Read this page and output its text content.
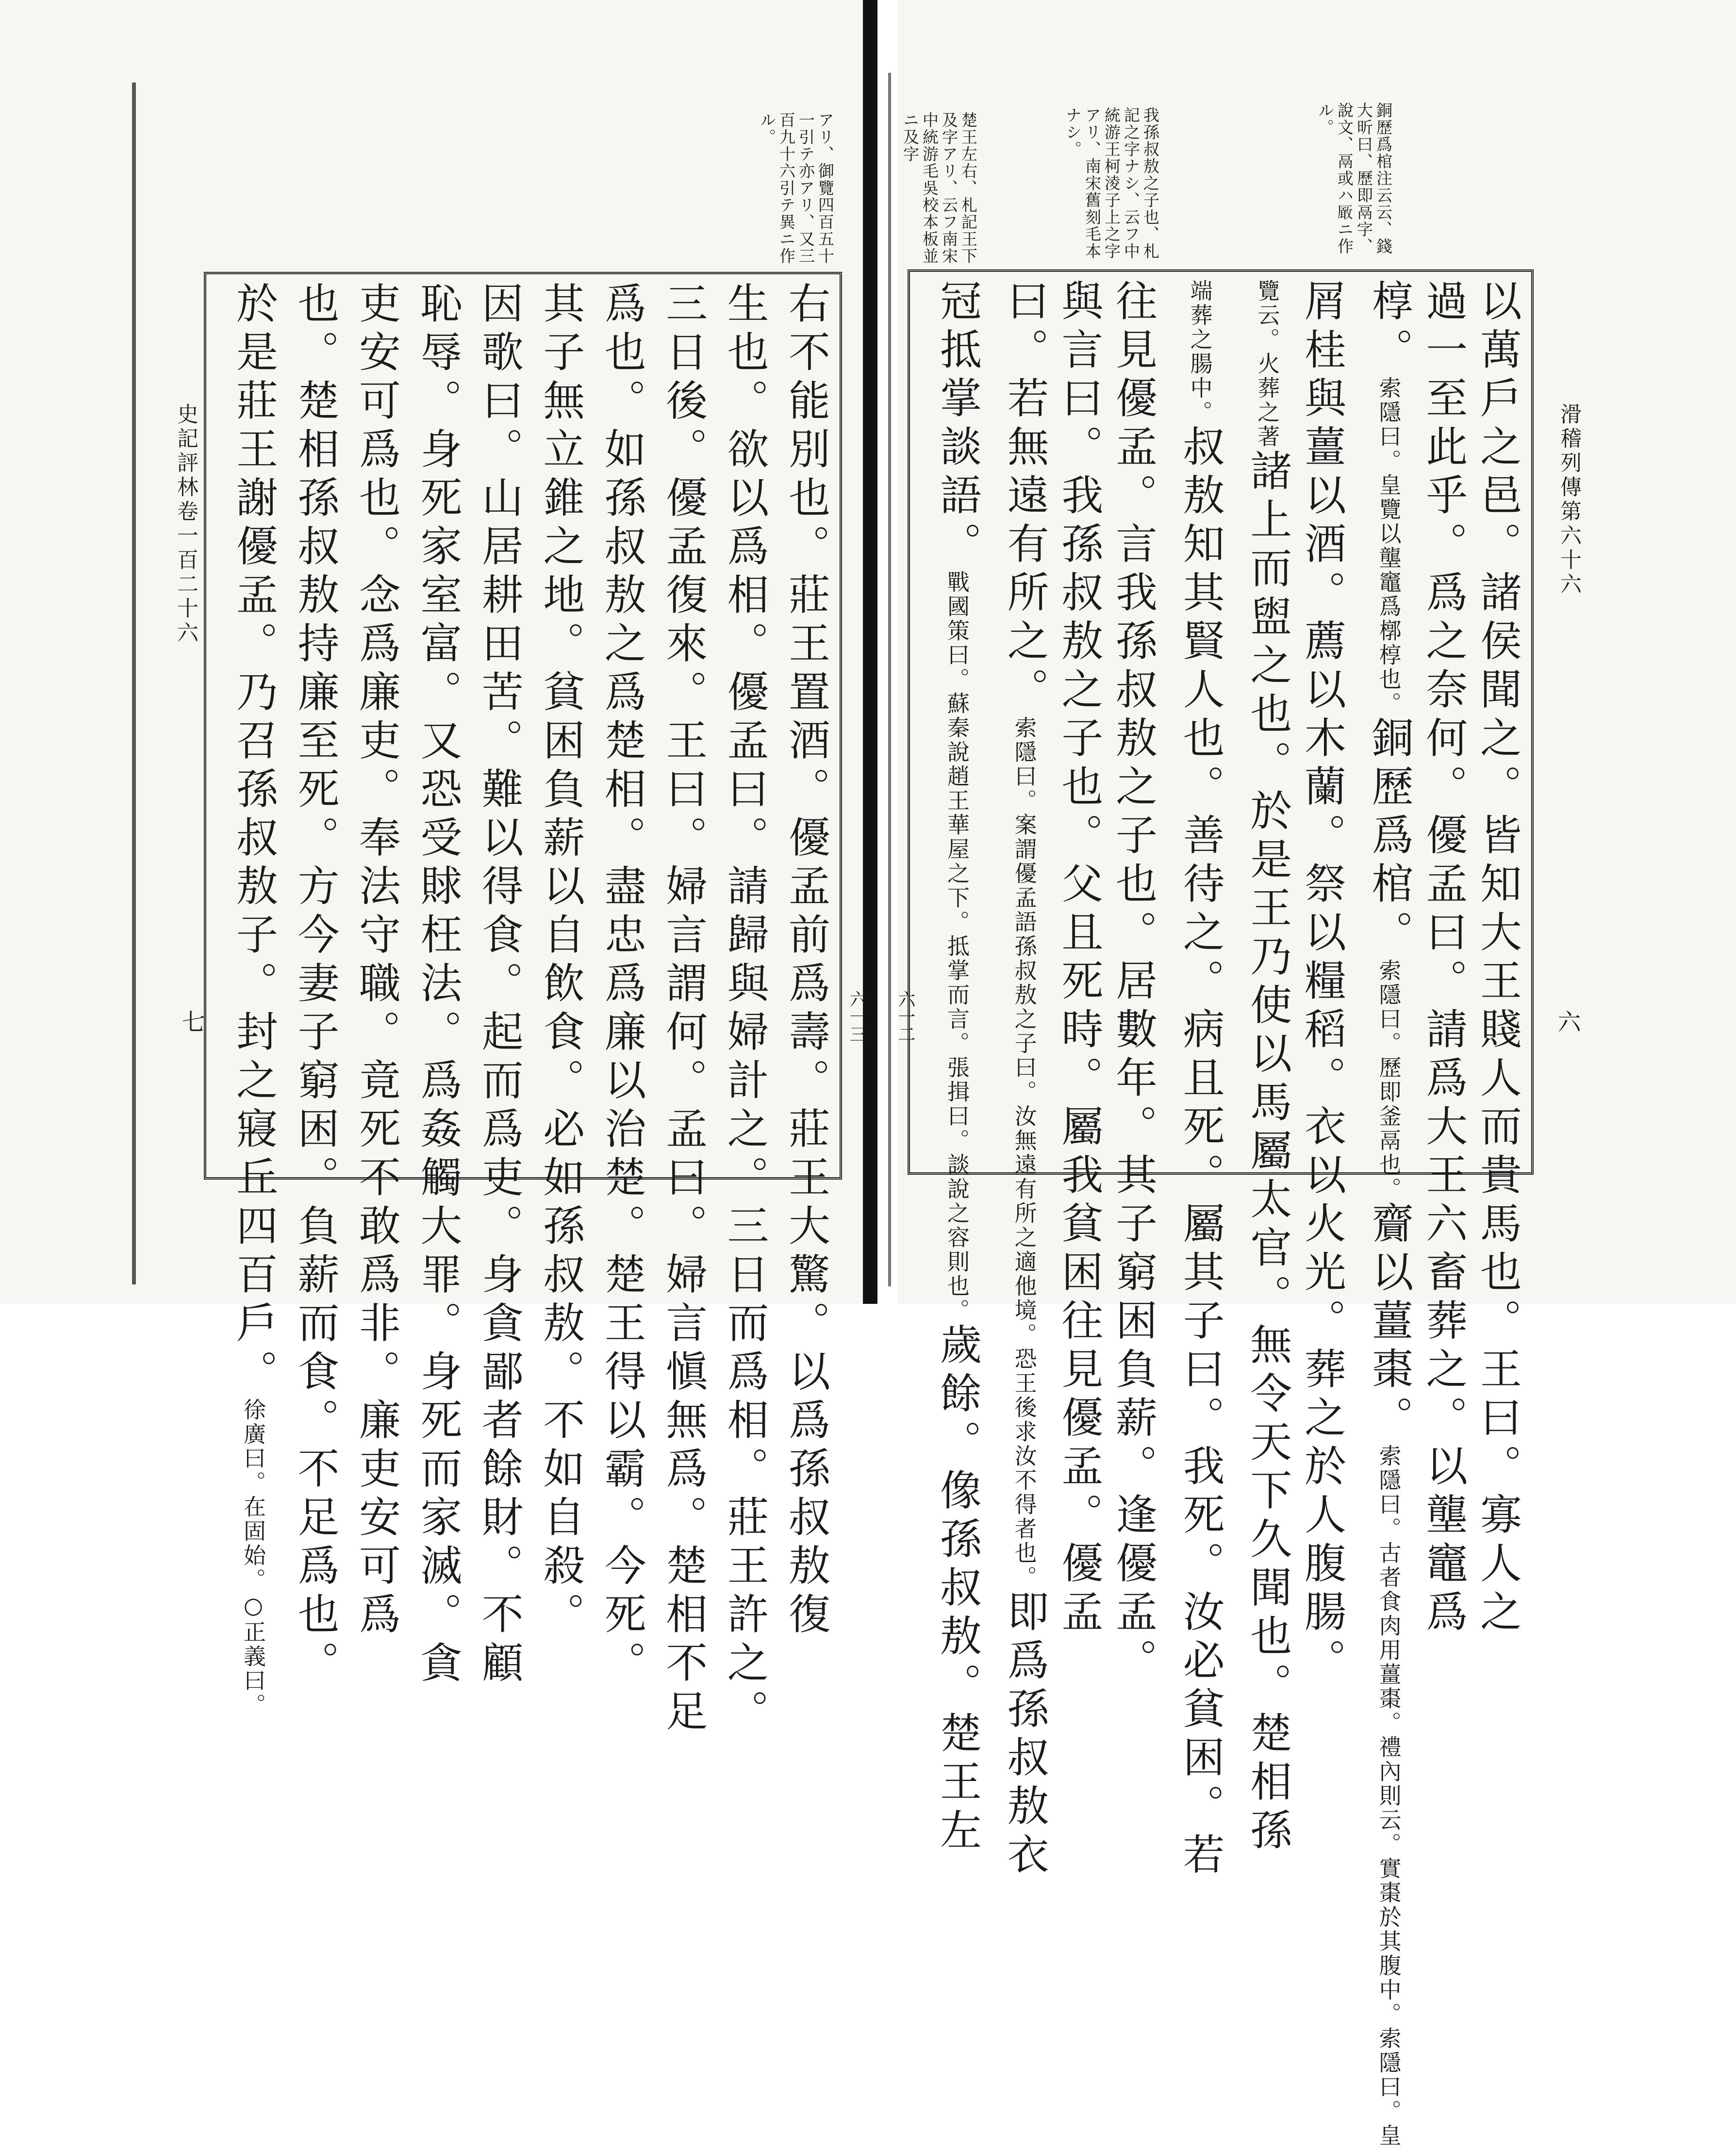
史記評林卷一百二十六
七	六一三
アリ、御覽四百五十一引テ亦アリ、又三百九十六引テ異ニ作ル。	楚王左右、札記王下及字アリ、云フ南宋中統游毛吳校本板並ニ及字
右不能別也。莊王置酒。優孟前爲壽。莊王大驚。以爲孫叔敖復
生也。欲以爲相。優孟曰。請歸與婦計之。三日而爲相。莊王許之。
三日後。優孟復來。王曰。婦言謂何。孟曰。婦言愼無爲。楚相不足
爲也。如孫叔敖之爲楚相。盡忠爲廉以治楚。楚王得以霸。今死。
其子無立錐之地。貧困負薪以自飲食。必如孫叔敖。不如自殺。
因歌曰。山居耕田苦。難以得食。起而爲吏。身貪鄙者餘財。不顧
恥辱。身死家室富。又恐受賕枉法。爲姦觸大罪。身死而家滅。貪
吏安可爲也。念爲廉吏。奉法守職。竟死不敢爲非。廉吏安可爲
也。楚相孫叔敖持廉至死。方今妻子窮困。負薪而食。不足爲也。
於是莊王謝優孟。乃召孫叔敖子。封之寢丘四百戶。徐廣曰。在固始。○正義曰。
滑稽列傳第六十六
六
六一二
我孫叔敖之子也、札記之字ナシ、云フ中統游王柯淩子上之字アリ、南宋舊刻毛本ナシ。	銅歷爲棺注云云、錢大昕曰、歷即鬲字、說文、鬲或ハ𠪚ニ作ル。
以萬戶之邑。諸侯聞之。皆知大王賤人而貴馬也。王曰。寡人之
過一至此乎。爲之奈何。優孟曰。請爲大王六畜葬之。以壟竈爲
椁。索隱曰。皇覽以壟竈爲槨椁也。銅歷爲棺。索隱曰。歷即釜鬲也。齎以薑棗。索隱曰。古者食肉用薑棗。禮內則云。實棗於其腹中。索隱曰。皇
屑桂與薑以酒。薦以木蘭。祭以糧稻。衣以火光。葬之於人腹腸。
覽云。火葬之著諸上而盥之也。於是王乃使以馬屬太官。無令天下久聞也。楚相孫
端葬之腸中。叔敖知其賢人也。善待之。病且死。屬其子曰。我死。汝必貧困。若
往見優孟。言我孫叔敖之子也。居數年。其子窮困負薪。逢優孟。
與言曰。我孫叔敖之子也。父且死時。屬我貧困往見優孟。優孟
曰。若無遠有所之。索隱曰。案謂優孟語孫叔敖之子曰。汝無遠有所之適他境。恐王後求汝不得者也。即爲孫叔敖衣
冠抵掌談語。戰國策曰。蘇秦說趙王華屋之下。抵掌而言。張揖曰。談說之容則也。歲餘。像孫叔敖。楚王左
